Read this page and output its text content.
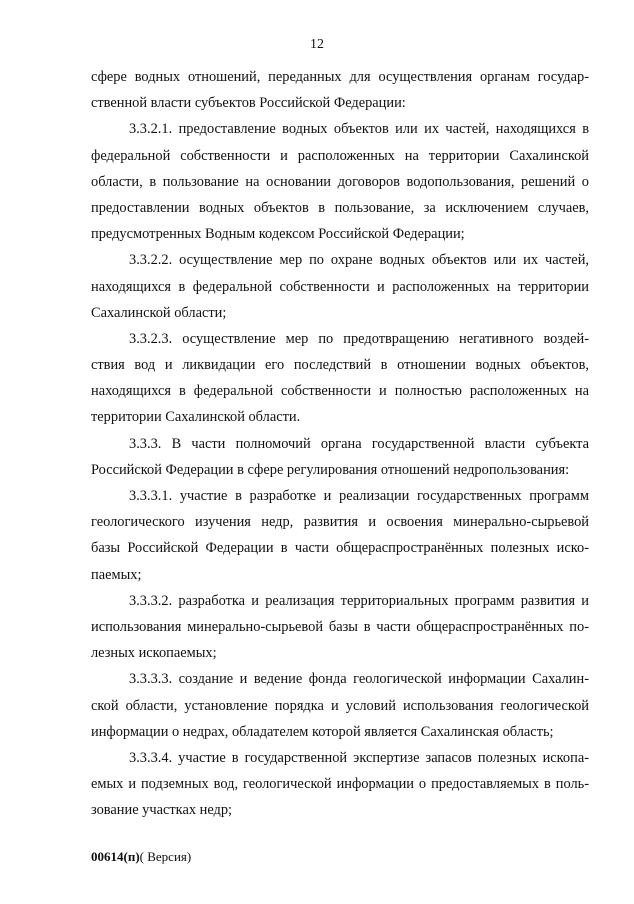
12
сфере водных отношений, переданных для осуществления органам государ-
ственной власти субъектов Российской Федерации:
3.3.2.1. предоставление водных объектов или их частей, находящихся в
федеральной собственности и расположенных на территории Сахалинской
области, в пользование на основании договоров водопользования, решений о
предоставлении водных объектов в пользование, за исключением случаев,
предусмотренных Водным кодексом Российской Федерации;
3.3.2.2. осуществление мер по охране водных объектов или их частей,
находящихся в федеральной собственности и расположенных на территории
Сахалинской области;
3.3.2.3. осуществление мер по предотвращению негативного воздей-
ствия вод и ликвидации его последствий в отношении водных объектов,
находящихся в федеральной собственности и полностью расположенных на
территории Сахалинской области.
3.3.3. В части полномочий органа государственной власти субъекта
Российской Федерации в сфере регулирования отношений недропользования:
3.3.3.1. участие в разработке и реализации государственных программ
геологического изучения недр, развития и освоения минерально-сырьевой
базы Российской Федерации в части общераспространённых полезных иско-
паемых;
3.3.3.2. разработка и реализация территориальных программ развития и
использования минерально-сырьевой базы в части общераспространённых по-
лезных ископаемых;
3.3.3.3. создание и ведение фонда геологической информации Сахалин-
ской области, установление порядка и условий использования геологической
информации о недрах, обладателем которой является Сахалинская область;
3.3.3.4. участие в государственной экспертизе запасов полезных ископа-
емых и подземных вод, геологической информации о предоставляемых в поль-
зование участках недр;
00614(п)( Версия)
